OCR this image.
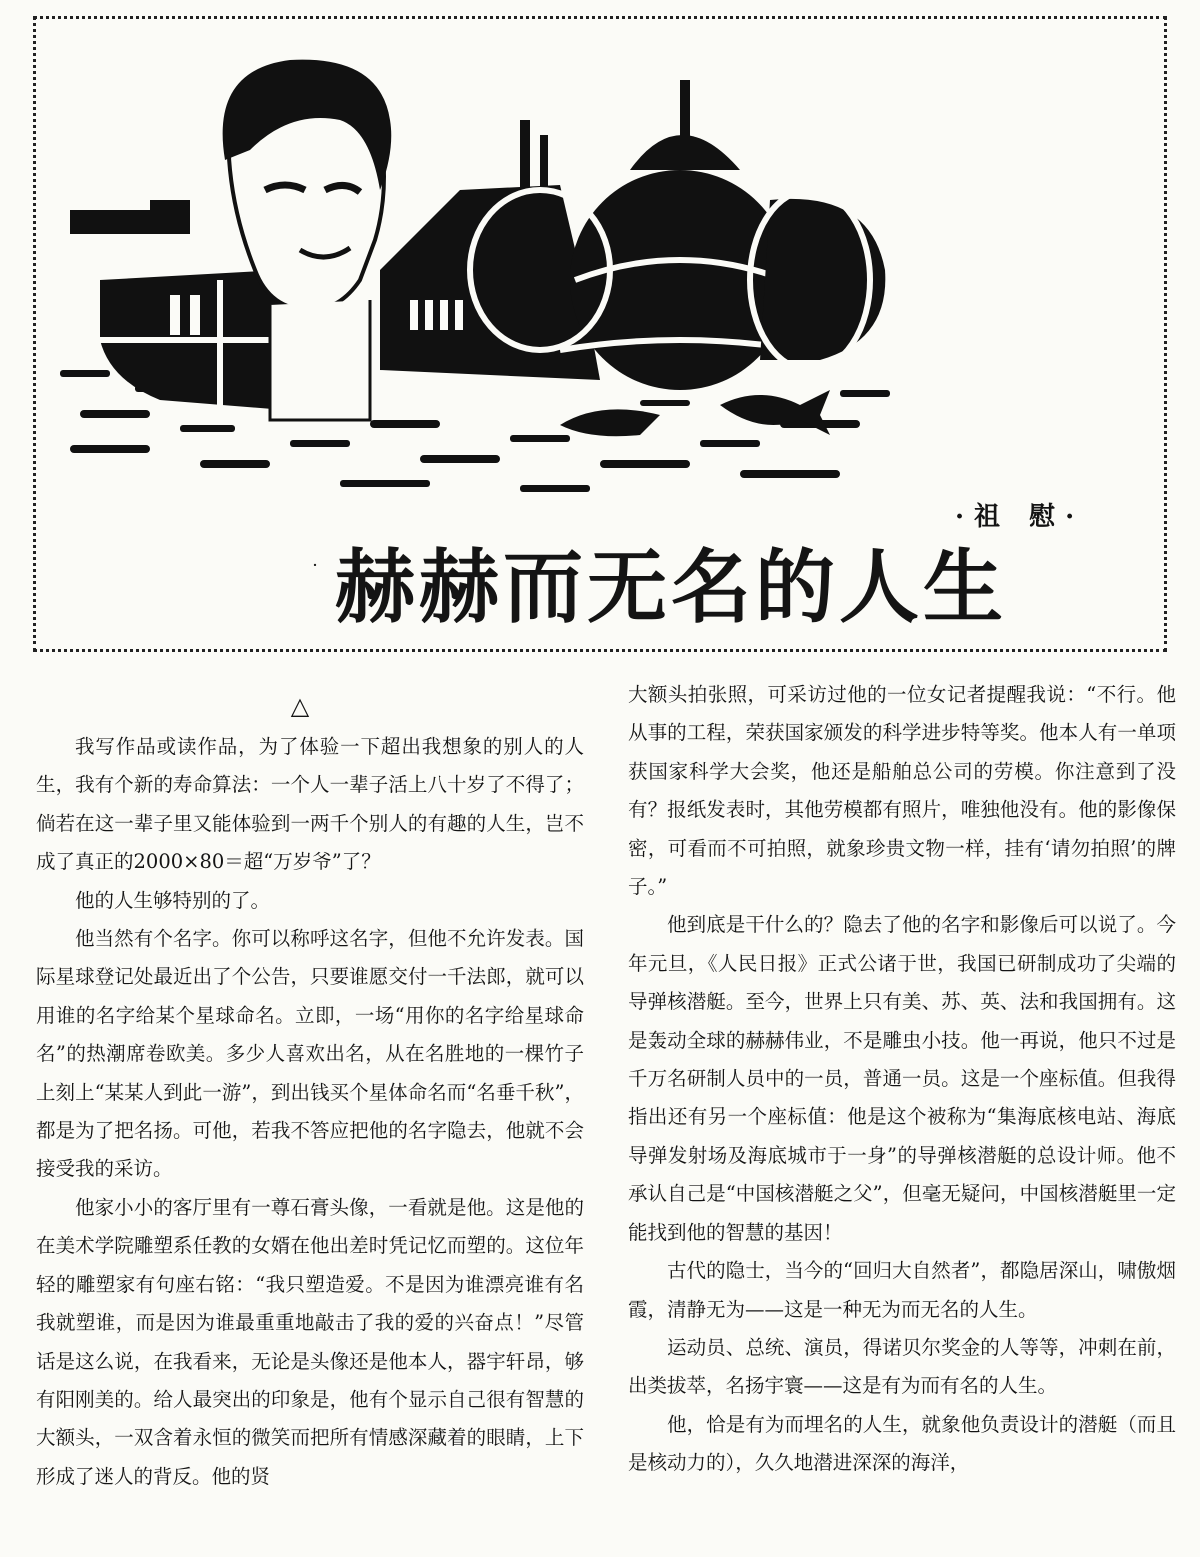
·祖 慰·
˙ 赫赫而无名的人生
△

我写作品或读作品，为了体验一下超出我想象的别人的人生，我有个新的寿命算法：一个人一辈子活上八十岁了不得了；倘若在这一辈子里又能体验到一两千个别人的有趣的人生，岂不成了真正的2000×80＝超“万岁爷”了？

他的人生够特别的了。

他当然有个名字。你可以称呼这名字，但他不允许发表。国际星球登记处最近出了个公告，只要谁愿交付一千法郎，就可以用谁的名字给某个星球命名。立即，一场“用你的名字给星球命名”的热潮席卷欧美。多少人喜欢出名，从在名胜地的一棵竹子上刻上“某某人到此一游”，到出钱买个星体命名而“名垂千秋”，都是为了把名扬。可他，若我不答应把他的名字隐去，他就不会接受我的采访。

他家小小的客厅里有一尊石膏头像，一看就是他。这是他的在美术学院雕塑系任教的女婿在他出差时凭记忆而塑的。这位年轻的雕塑家有句座右铭：“我只塑造爱。不是因为谁漂亮谁有名我就塑谁，而是因为谁最重重地敲击了我的爱的兴奋点！”尽管话是这么说，在我看来，无论是头像还是他本人，器宇轩昂，够有阳刚美的。给人最突出的印象是，他有个显示自己很有智慧的大额头，一双含着永恒的微笑而把所有情感深藏着的眼睛，上下形成了迷人的背反。他的贤

大额头拍张照，可采访过他的一位女记者提醒我说：“不行。他从事的工程，荣获国家颁发的科学进步特等奖。他本人有一单项获国家科学大会奖，他还是船舶总公司的劳模。你注意到了没有？报纸发表时，其他劳模都有照片，唯独他没有。他的影像保密，可看而不可拍照，就象珍贵文物一样，挂有‘请勿拍照’的牌子。”

他到底是干什么的？隐去了他的名字和影像后可以说了。今年元旦，《人民日报》正式公诸于世，我国已研制成功了尖端的导弹核潜艇。至今，世界上只有美、苏、英、法和我国拥有。这是轰动全球的赫赫伟业，不是雕虫小技。他一再说，他只不过是千万名研制人员中的一员，普通一员。这是一个座标值。但我得指出还有另一个座标值：他是这个被称为“集海底核电站、海底导弹发射场及海底城市于一身”的导弹核潜艇的总设计师。他不承认自己是“中国核潜艇之父”，但毫无疑问，中国核潜艇里一定能找到他的智慧的基因！

古代的隐士，当今的“回归大自然者”，都隐居深山，啸傲烟霞，清静无为——这是一种无为而无名的人生。

运动员、总统、演员，得诺贝尔奖金的人等等，冲刺在前，出类拔萃，名扬宇寰——这是有为而有名的人生。

他，恰是有为而埋名的人生，就象他负责设计的潜艇（而且是核动力的），久久地潜进深深的海洋，
